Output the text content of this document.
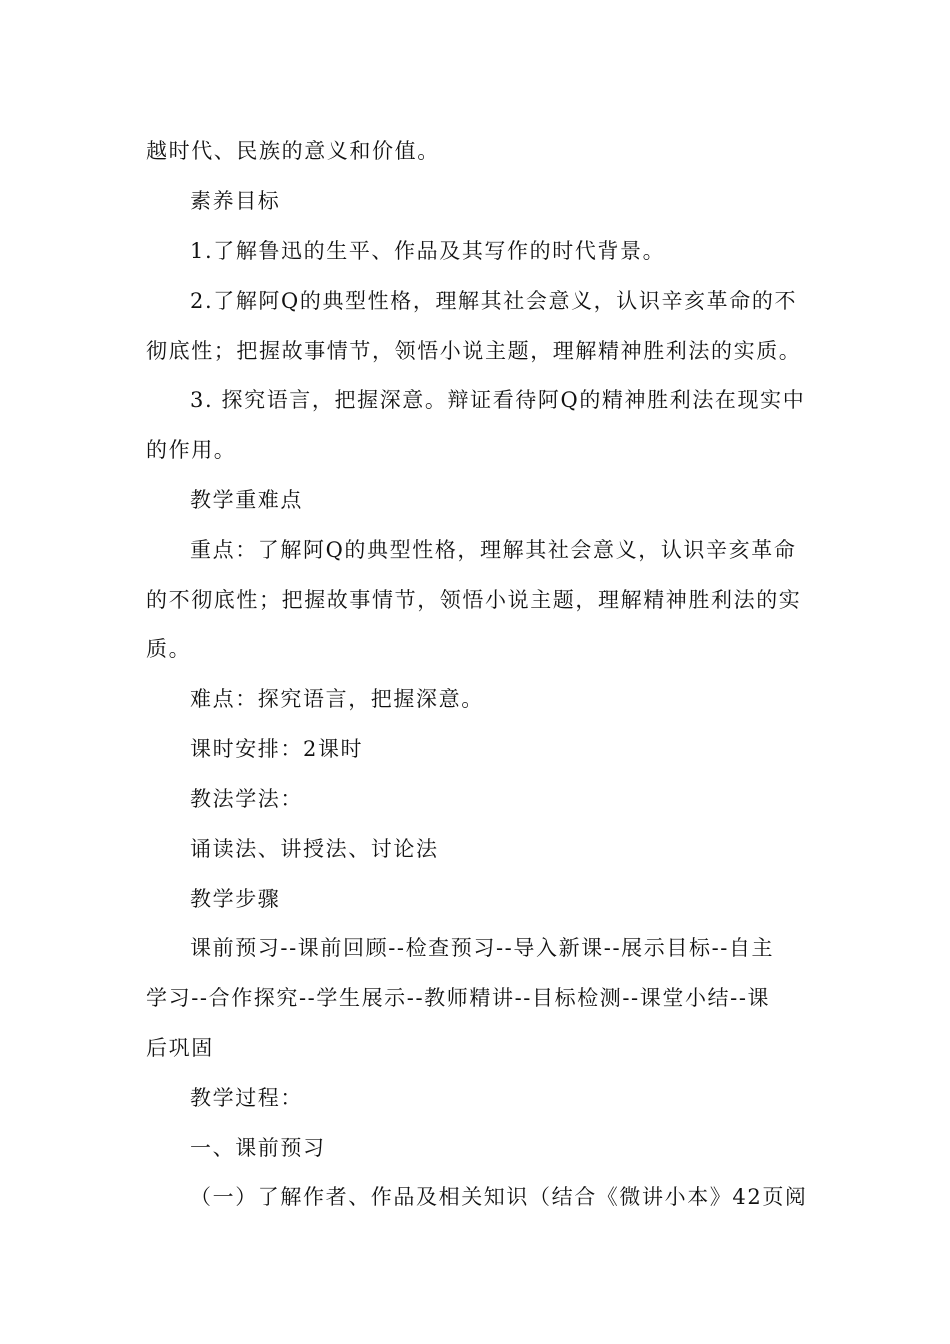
越时代、民族的意义和价值。
素养目标
1.了解鲁迅的生平、作品及其写作的时代背景。
2.了解阿Q的典型性格，理解其社会意义，认识辛亥革命的不
彻底性；把握故事情节，领悟小说主题，理解精神胜利法的实质。
3. 探究语言，把握深意。辩证看待阿Q的精神胜利法在现实中
的作用。
教学重难点
重点：了解阿Q的典型性格，理解其社会意义，认识辛亥革命
的不彻底性；把握故事情节，领悟小说主题，理解精神胜利法的实
质。
难点：探究语言，把握深意。
课时安排：2课时
教法学法：
诵读法、讲授法、讨论法
教学步骤
课前预习--课前回顾--检查预习--导入新课--展示目标--自主
学习--合作探究--学生展示--教师精讲--目标检测--课堂小结--课
后巩固
教学过程：
一、课前预习
（一）了解作者、作品及相关知识（结合《微讲小本》42页阅
